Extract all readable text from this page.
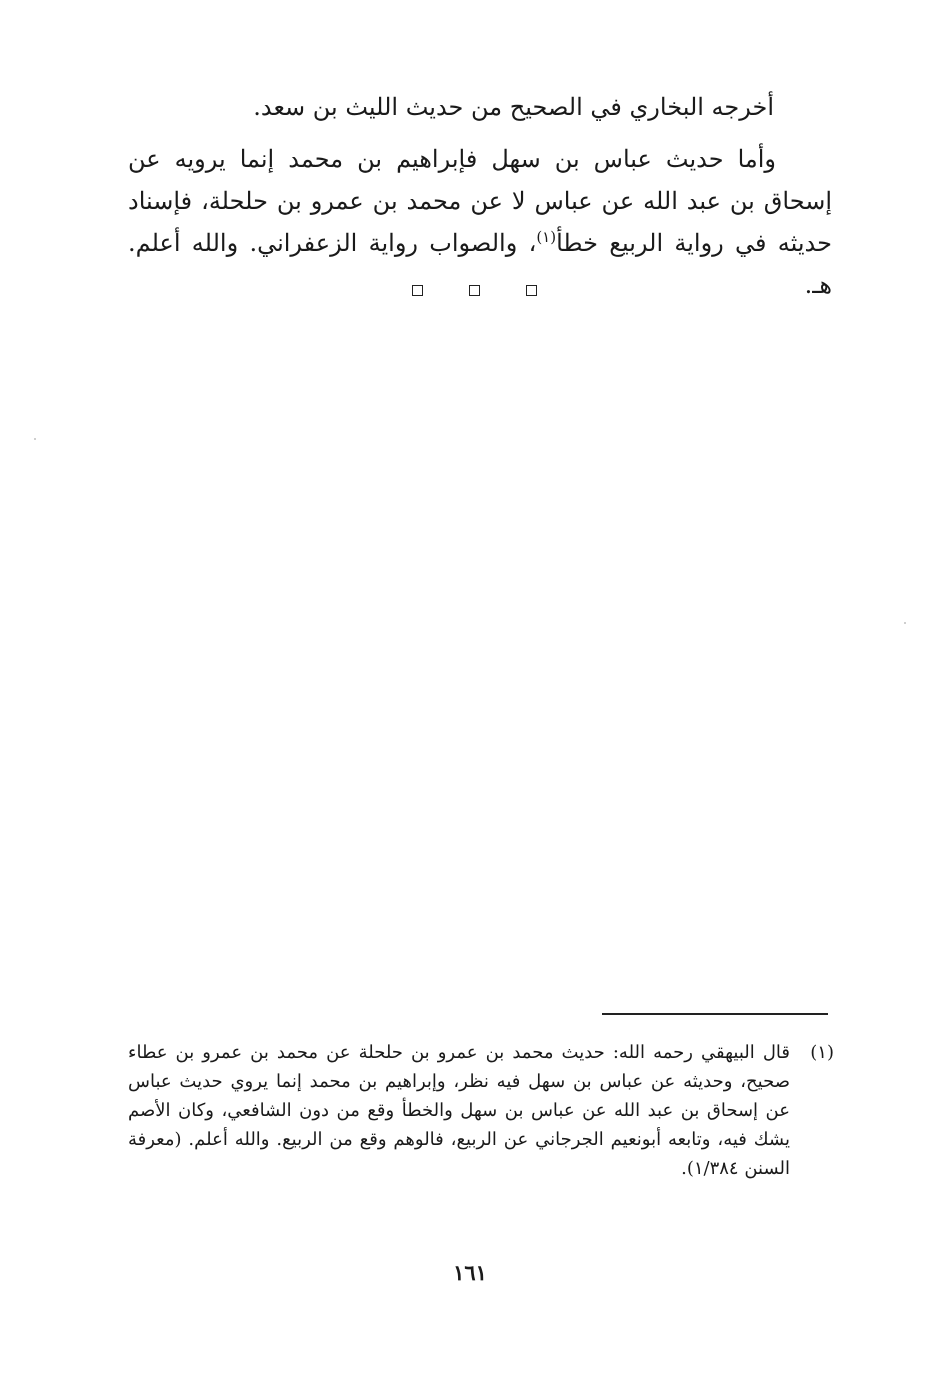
أخرجه البخاري في الصحيح من حديث الليث بن سعد.

وأما حديث عباس بن سهل فإبراهيم بن محمد إنما يرويه عن إسحاق بن عبد الله عن عباس لا عن محمد بن عمرو بن حلحلة، فإسناد حديثه في رواية الربيع خطأ$^{(١)}$، والصواب رواية الزعفراني. والله أعلم. هـ.

(١)
قال البيهقي رحمه الله: حديث محمد بن عمرو بن حلحلة عن محمد بن عمرو بن عطاء صحيح، وحديثه عن عباس بن سهل فيه نظر، وإبراهيم بن محمد إنما يروي حديث عباس عن إسحاق بن عبد الله عن عباس بن سهل والخطأ وقع من دون الشافعي، وكان الأصم يشك فيه، وتابعه أبونعيم الجرجاني عن الربيع، فالوهم وقع من الربيع. والله أعلم. (معرفة السنن ١/٣٨٤).
١٦١
